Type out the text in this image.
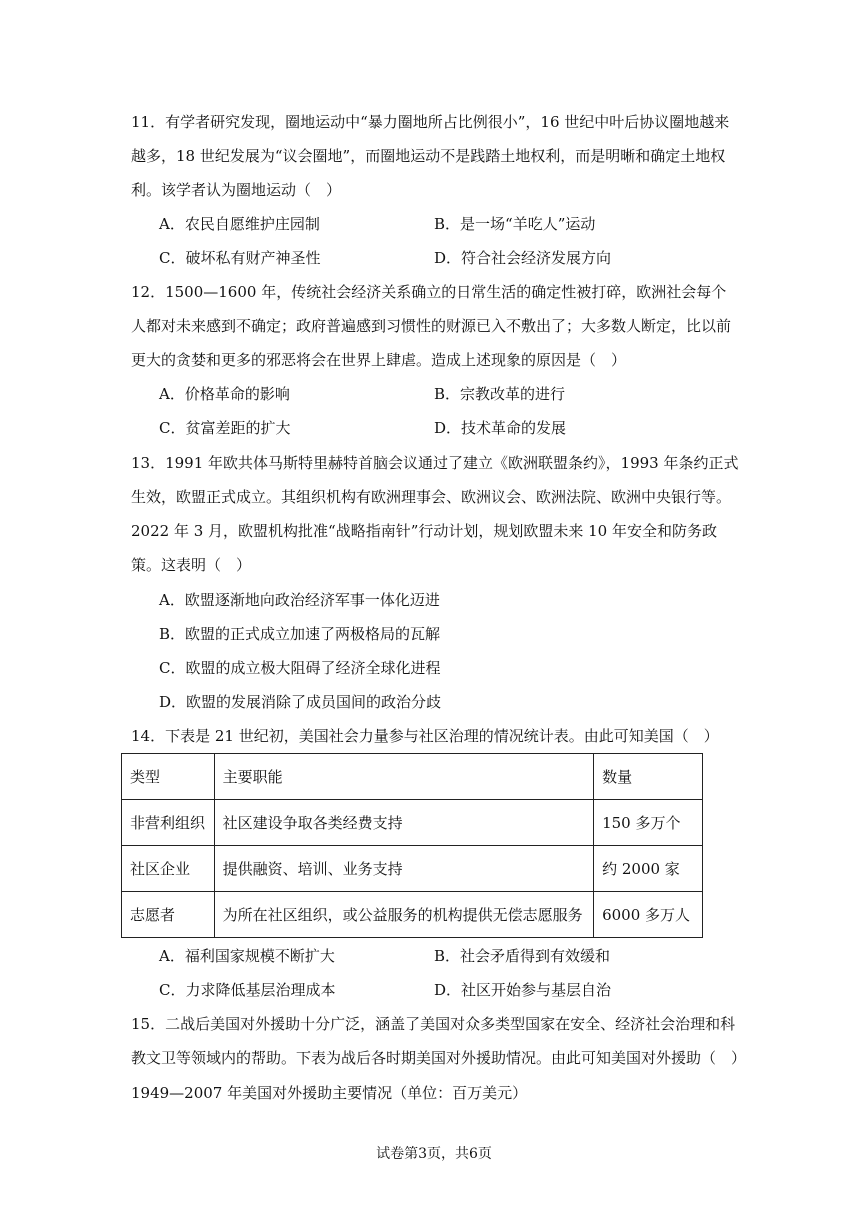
11．有学者研究发现，圈地运动中“暴力圈地所占比例很小”，16 世纪中叶后协议圈地越来越多，18 世纪发展为“议会圈地”，而圈地运动不是践踏土地权利，而是明晰和确定土地权利。该学者认为圈地运动（　）

A．农民自愿维护庄园制	B．是一场“羊吃人”运动
C．破坏私有财产神圣性	D．符合社会经济发展方向

12．1500—1600 年，传统社会经济关系确立的日常生活的确定性被打碎，欧洲社会每个人都对未来感到不确定；政府普遍感到习惯性的财源已入不敷出了；大多数人断定，比以前更大的贪婪和更多的邪恶将会在世界上肆虐。造成上述现象的原因是（　）

A．价格革命的影响	B．宗教改革的进行
C．贫富差距的扩大	D．技术革命的发展

13．1991 年欧共体马斯特里赫特首脑会议通过了建立《欧洲联盟条约》，1993 年条约正式生效，欧盟正式成立。其组织机构有欧洲理事会、欧洲议会、欧洲法院、欧洲中央银行等。2022 年 3 月，欧盟机构批准“战略指南针”行动计划，规划欧盟未来 10 年安全和防务政策。这表明（　）

A．欧盟逐渐地向政治经济军事一体化迈进
B．欧盟的正式成立加速了两极格局的瓦解
C．欧盟的成立极大阻碍了经济全球化进程
D．欧盟的发展消除了成员国间的政治分歧

14．下表是 21 世纪初，美国社会力量参与社区治理的情况统计表。由此可知美国（　）

类型	主要职能	数量
非营利组织	社区建设争取各类经费支持	150 多万个
社区企业	提供融资、培训、业务支持	约 2000 家
志愿者	为所在社区组织，或公益服务的机构提供无偿志愿服务	6000 多万人
A．福利国家规模不断扩大	B．社会矛盾得到有效缓和
C．力求降低基层治理成本	D．社区开始参与基层自治

15．二战后美国对外援助十分广泛，涵盖了美国对众多类型国家在安全、经济社会治理和科教文卫等领域内的帮助。下表为战后各时期美国对外援助情况。由此可知美国对外援助（　）

1949—2007 年美国对外援助主要情况（单位：百万美元）
试卷第3页，共6页
